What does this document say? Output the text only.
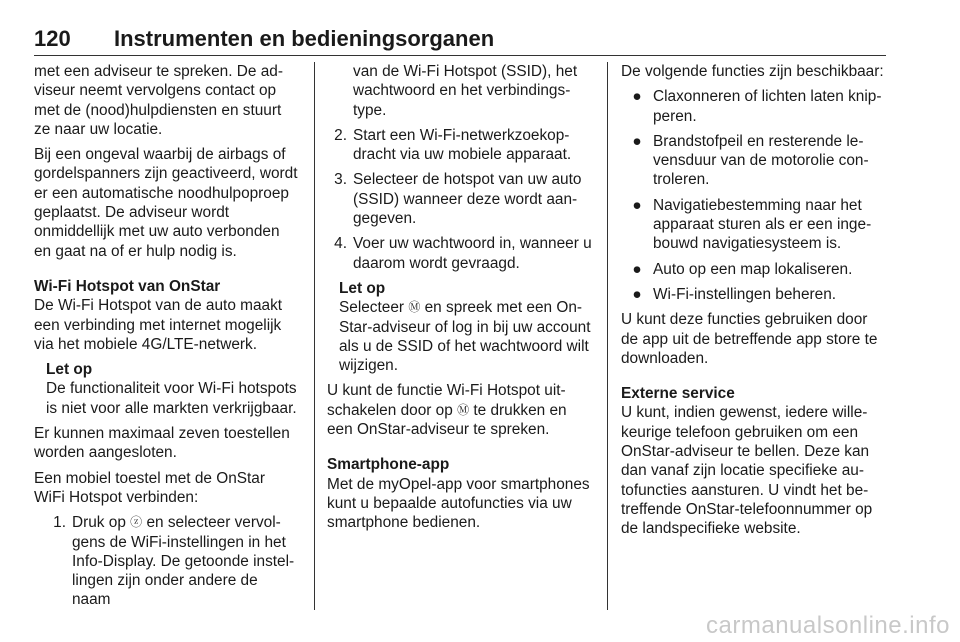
120 Instrumenten en bedieningsorganen

met een adviseur te spreken. De adviseur neemt vervolgens contact op met de (nood)hulpdiensten en stuurt ze naar uw locatie.

Bij een ongeval waarbij de airbags of gordelspanners zijn geactiveerd, wordt er een automatische noodhulpoproep geplaatst. De adviseur wordt onmiddellijk met uw auto verbonden en gaat na of er hulp nodig is.

Wi-Fi Hotspot van OnStar

De Wi-Fi Hotspot van de auto maakt een verbinding met internet mogelijk via het mobiele 4G/LTE-netwerk.

Let op
De functionaliteit voor Wi-Fi hotspots is niet voor alle markten verkrijgbaar.

Er kunnen maximaal zeven toestellen worden aangesloten.

Een mobiel toestel met de OnStar WiFi Hotspot verbinden:

1. Druk op ⓩ en selecteer vervolgens de WiFi-instellingen in het Info-Display. De getoonde instellingen zijn onder andere de naam
van de Wi-Fi Hotspot (SSID), het wachtwoord en het verbindingstype.
2. Start een Wi-Fi-netwerkzoekopdracht via uw mobiele apparaat.
3. Selecteer de hotspot van uw auto (SSID) wanneer deze wordt aangegeven.
4. Voer uw wachtwoord in, wanneer u daarom wordt gevraagd.
Let op
Selecteer Ⓜ en spreek met een OnStar-adviseur of log in bij uw account als u de SSID of het wachtwoord wilt wijzigen.

U kunt de functie Wi-Fi Hotspot uitschakelen door op Ⓜ te drukken en een OnStar-adviseur te spreken.

Smartphone-app

Met de myOpel-app voor smartphones kunt u bepaalde autofuncties via uw smartphone bedienen.

De volgende functies zijn beschikbaar:

● Claxonneren of lichten laten knipperen.
● Brandstofpeil en resterende levensduur van de motorolie controleren.
● Navigatiebestemming naar het apparaat sturen als er een ingebouwd navigatiesysteem is.
● Auto op een map lokaliseren.
● Wi-Fi-instellingen beheren.

U kunt deze functies gebruiken door de app uit de betreffende app store te downloaden.

Externe service

U kunt, indien gewenst, iedere willekeurige telefoon gebruiken om een OnStar-adviseur te bellen. Deze kan dan vanaf zijn locatie specifieke autofuncties aansturen. U vindt het betreffende OnStar-telefoonnummer op de landspecifieke website.

carmanualsonline.info
